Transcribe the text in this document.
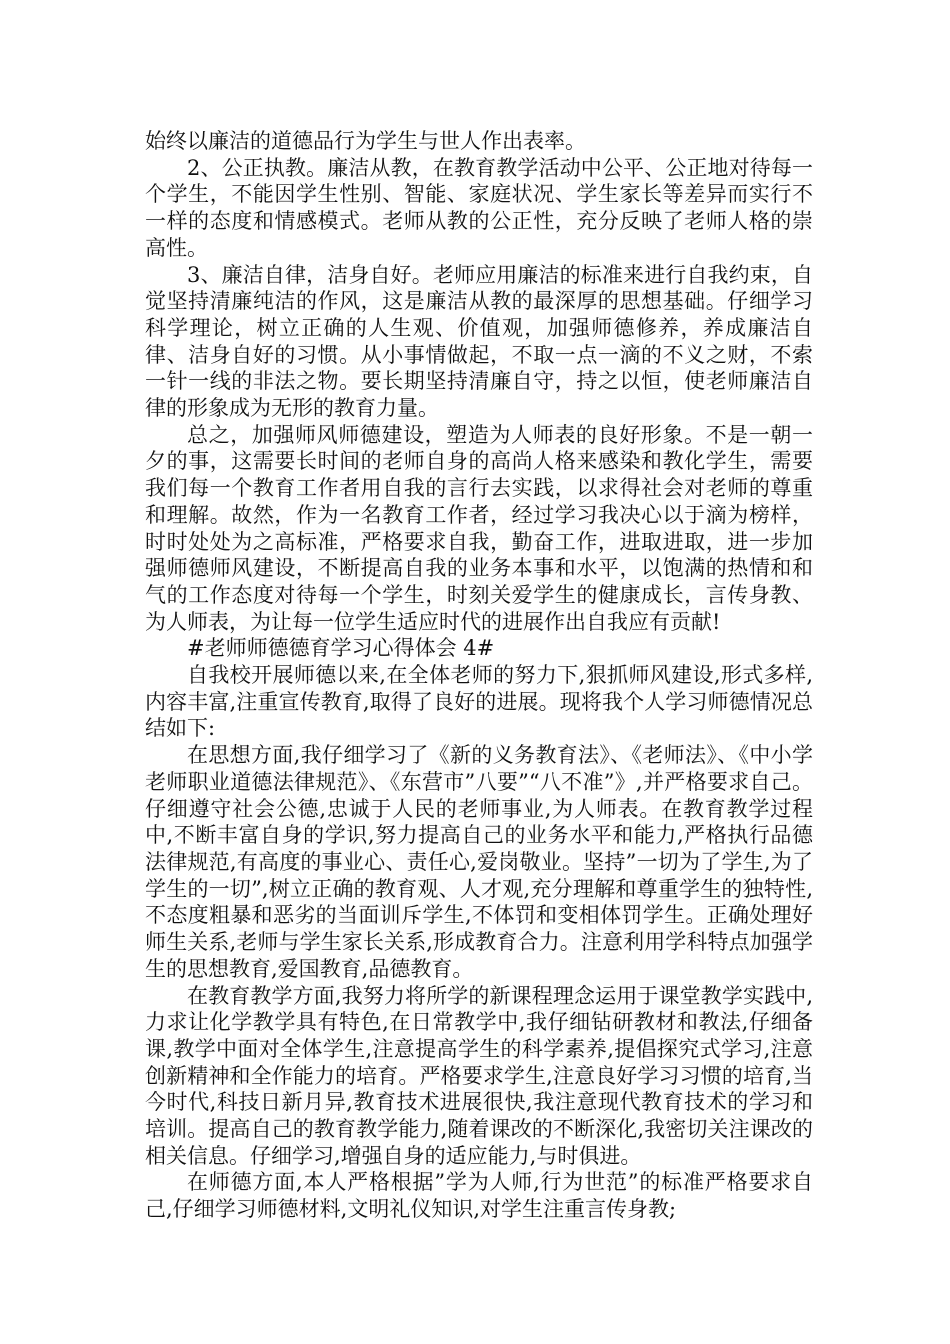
始终以廉洁的道德品行为学生与世人作出表率。

2、公正执教。廉洁从教，在教育教学活动中公平、公正地对待每一个学生，不能因学生性别、智能、家庭状况、学生家长等差异而实行不一样的态度和情感模式。老师从教的公正性，充分反映了老师人格的崇高性。

3、廉洁自律，洁身自好。老师应用廉洁的标准来进行自我约束，自觉坚持清廉纯洁的作风，这是廉洁从教的最深厚的思想基础。仔细学习科学理论，树立正确的人生观、价值观，加强师德修养，养成廉洁自律、洁身自好的习惯。从小事情做起，不取一点一滴的不义之财，不索一针一线的非法之物。要长期坚持清廉自守，持之以恒，使老师廉洁自律的形象成为无形的教育力量。

总之，加强师风师德建设，塑造为人师表的良好形象。不是一朝一夕的事，这需要长时间的老师自身的高尚人格来感染和教化学生，需要我们每一个教育工作者用自我的言行去实践，以求得社会对老师的尊重和理解。故然，作为一名教育工作者，经过学习我决心以于滴为榜样，时时处处为之高标准，严格要求自我，勤奋工作，进取进取，进一步加强师德师风建设，不断提高自我的业务本事和水平，以饱满的热情和和气的工作态度对待每一个学生，时刻关爱学生的健康成长，言传身教、为人师表，为让每一位学生适应时代的进展作出自我应有贡献!

#老师师德德育学习心得体会 4#

自我校开展师德以来,在全体老师的努力下,狠抓师风建设,形式多样,内容丰富,注重宣传教育,取得了良好的进展。现将我个人学习师德情况总结如下:

在思想方面,我仔细学习了《新的义务教育法》、《老师法》、《中小学老师职业道德法律规范》、《东营市”八要”“八不准”》,并严格要求自己。仔细遵守社会公德,忠诚于人民的老师事业,为人师表。在教育教学过程中,不断丰富自身的学识,努力提高自己的业务水平和能力,严格执行品德法律规范,有高度的事业心、责任心,爱岗敬业。坚持”一切为了学生,为了学生的一切”,树立正确的教育观、人才观,充分理解和尊重学生的独特性,不态度粗暴和恶劣的当面训斥学生,不体罚和变相体罚学生。正确处理好师生关系,老师与学生家长关系,形成教育合力。注意利用学科特点加强学生的思想教育,爱国教育,品德教育。

在教育教学方面,我努力将所学的新课程理念运用于课堂教学实践中,力求让化学教学具有特色,在日常教学中,我仔细钻研教材和教法,仔细备课,教学中面对全体学生,注意提高学生的科学素养,提倡探究式学习,注意创新精神和全作能力的培育。严格要求学生,注意良好学习习惯的培育,当今时代,科技日新月异,教育技术进展很快,我注意现代教育技术的学习和培训。提高自己的教育教学能力,随着课改的不断深化,我密切关注课改的相关信息。仔细学习,增强自身的适应能力,与时俱进。

在师德方面,本人严格根据”学为人师,行为世范”的标准严格要求自己,仔细学习师德材料,文明礼仪知识,对学生注重言传身教;
